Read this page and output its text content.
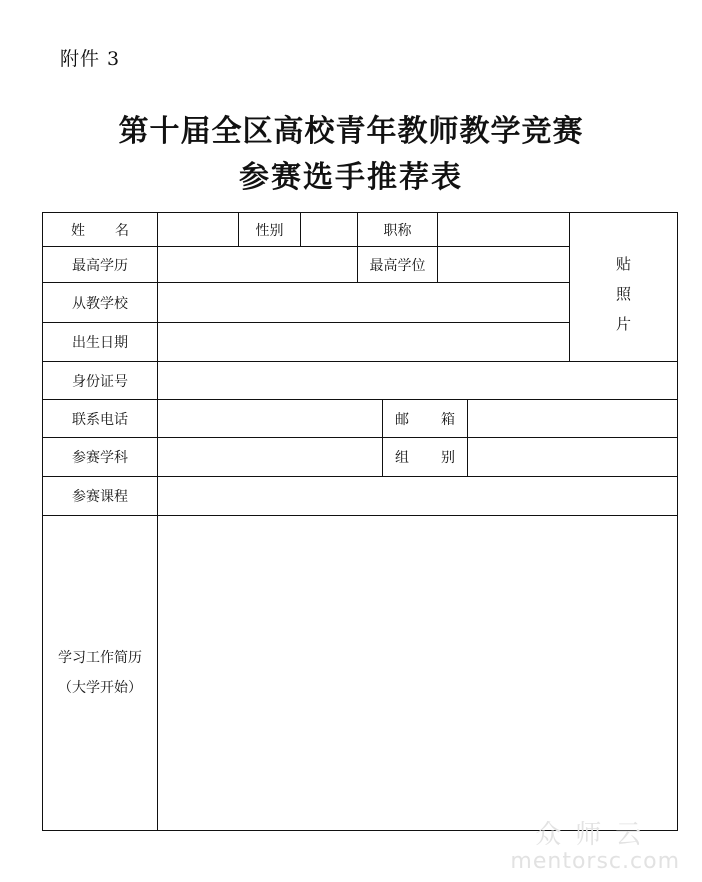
附件 3
第十届全区高校青年教师教学竞赛
参赛选手推荐表
姓 名	性别	职称
最高学历	最高学位
从教学校
出生日期
贴
照
片
身份证号
联系电话	邮 箱
参赛学科	组 别
参赛课程
学习工作简历
（大学开始）
众师云
mentorsc.com
